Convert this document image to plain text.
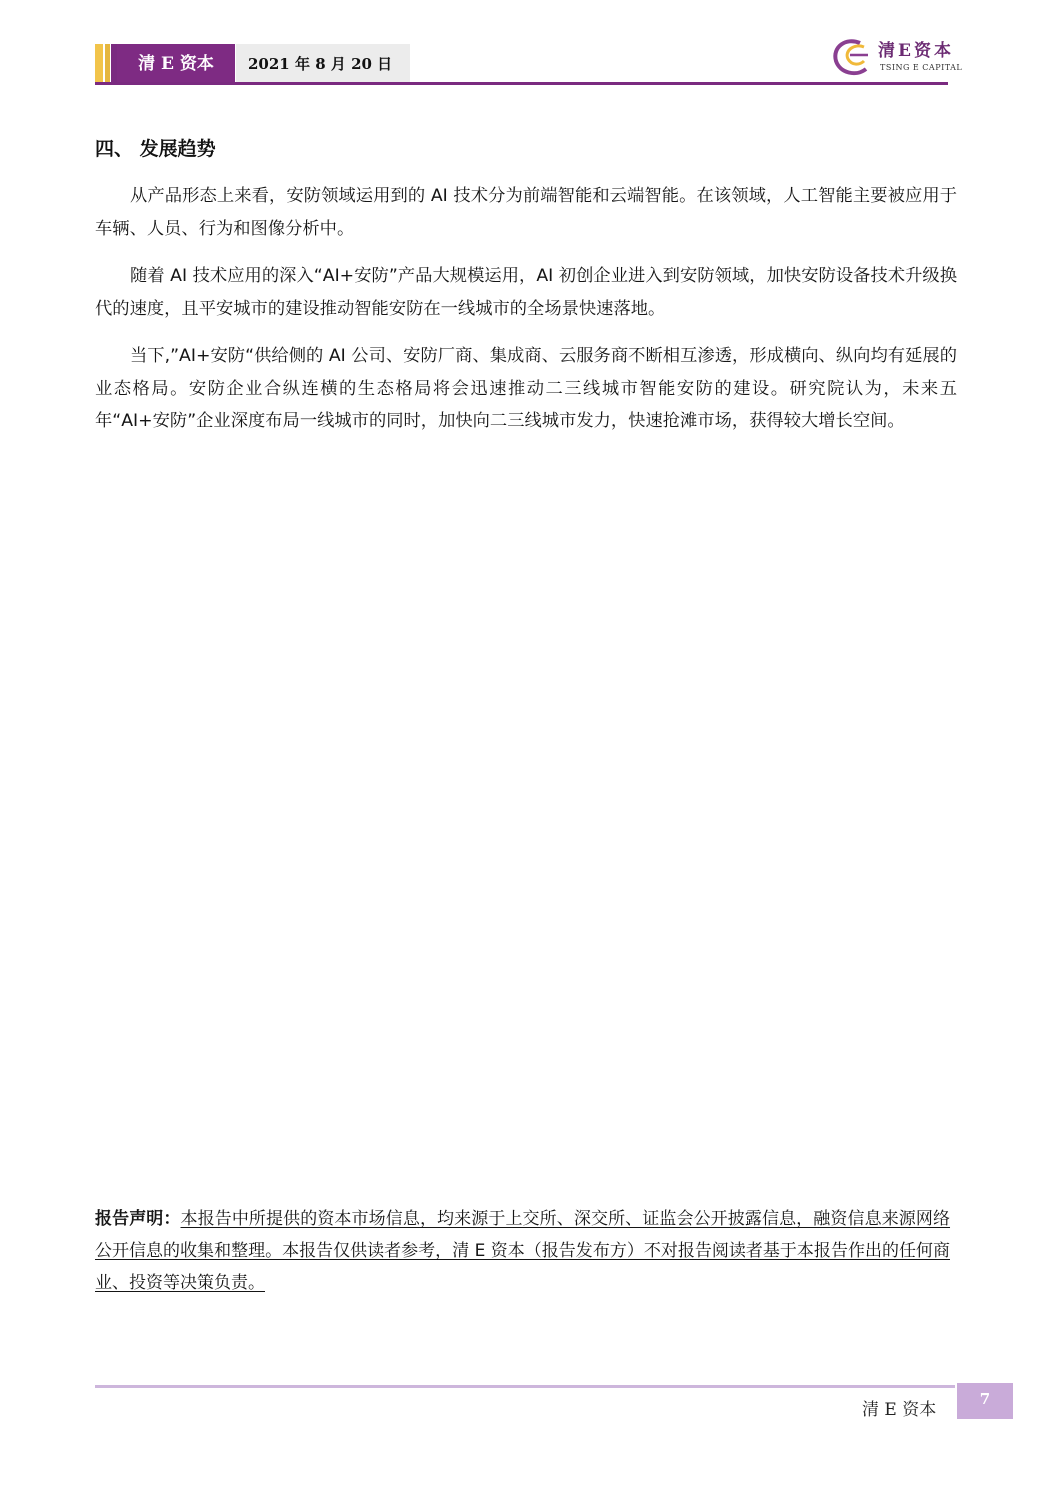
清 E 资本	2021 年 8 月 20 日
清E资本
TSING E CAPITAL
四、 发展趋势

从产品形态上来看，安防领域运用到的 AI 技术分为前端智能和云端智能。在该领域，人工智能主要被应用于车辆、人员、行为和图像分析中。

随着 AI 技术应用的深入“AI+安防”产品大规模运用，AI 初创企业进入到安防领域，加快安防设备技术升级换代的速度，且平安城市的建设推动智能安防在一线城市的全场景快速落地。

当下,”AI+安防“供给侧的 AI 公司、安防厂商、集成商、云服务商不断相互渗透，形成横向、纵向均有延展的业态格局。安防企业合纵连横的生态格局将会迅速推动二三线城市智能安防的建设。研究院认为，未来五年“AI+安防”企业深度布局一线城市的同时，加快向二三线城市发力，快速抢滩市场，获得较大增长空间。

报告声明：本报告中所提供的资本市场信息，均来源于上交所、深交所、证监会公开披露信息，融资信息来源网络公开信息的收集和整理。本报告仅供读者参考，清 E 资本（报告发布方）不对报告阅读者基于本报告作出的任何商业、投资等决策负责。

清 E 资本
7
